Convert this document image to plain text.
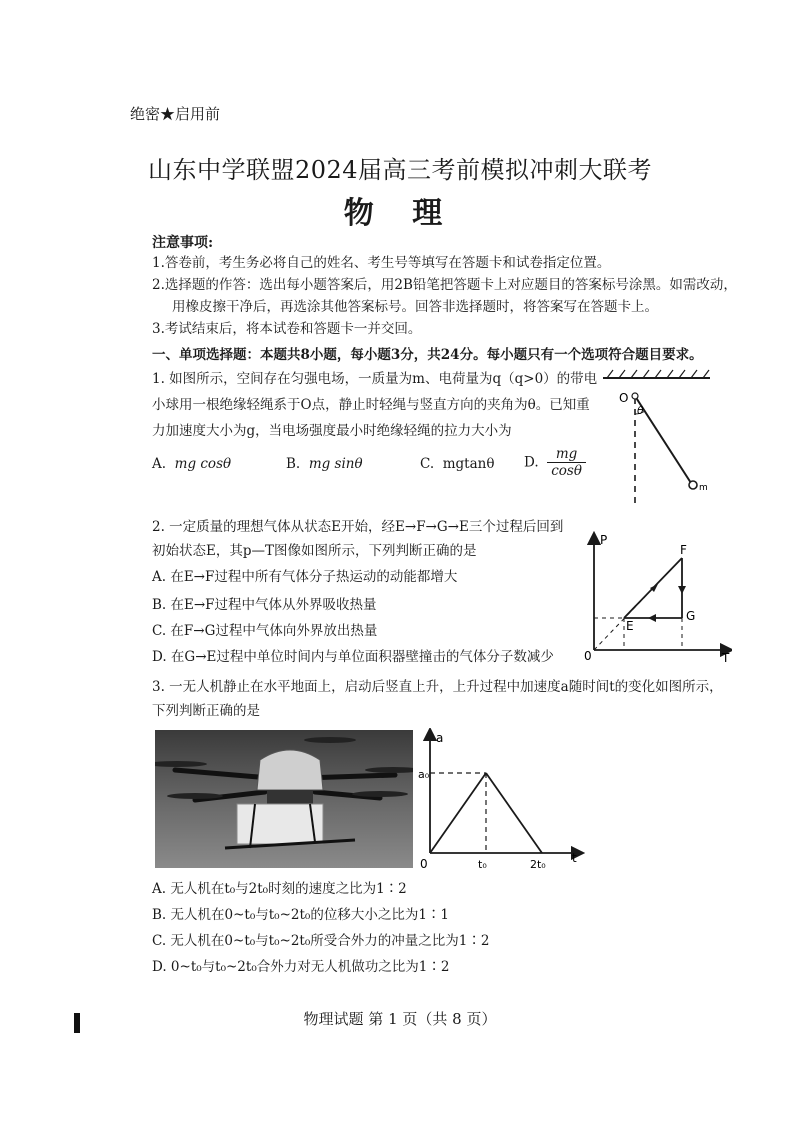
绝密★启用前
山东中学联盟2024届高三考前模拟冲刺大联考
物 理
注意事项:
1.答卷前，考生务必将自己的姓名、考生号等填写在答题卡和试卷指定位置。
2.选择题的作答：选出每小题答案后，用2B铅笔把答题卡上对应题目的答案标号涂黑。如需改动，
用橡皮擦干净后，再选涂其他答案标号。回答非选择题时，将答案写在答题卡上。
3.考试结束后，将本试卷和答题卡一并交回。
一、单项选择题：本题共8小题，每小题3分，共24分。每小题只有一个选项符合题目要求。
1. 如图所示，空间存在匀强电场，一质量为m、电荷量为q（q>0）的带电
小球用一根绝缘轻绳系于O点，静止时轻绳与竖直方向的夹角为θ。已知重
力加速度大小为g，当电场强度最小时绝缘轻绳的拉力大小为
A. mg cosθ	B. mg sinθ	C. mgtanθ D. $\frac{mg}{\cos\theta}$
O
θ
m
2. 一定质量的理想气体从状态E开始，经E→F→G→E三个过程后回到
初始状态E，其p—T图像如图所示，下列判断正确的是
A. 在E→F过程中所有气体分子热运动的动能都增大
B. 在E→F过程中气体从外界吸收热量
C. 在F→G过程中气体向外界放出热量
D. 在G→E过程中单位时间内与单位面积器壁撞击的气体分子数减少
P
T
0
E
F
G
3. 一无人机静止在水平地面上，启动后竖直上升，上升过程中加速度a随时间t的变化如图所示，
下列判断正确的是
a
t
0
a₀
t₀	2t₀
A. 无人机在t₀与2t₀时刻的速度之比为1∶2
B. 无人机在0~t₀与t₀~2t₀的位移大小之比为1∶1
C. 无人机在0~t₀与t₀~2t₀所受合外力的冲量之比为1∶2
D. 0~t₀与t₀~2t₀合外力对无人机做功之比为1∶2
物理试题 第 1 页（共 8 页）
